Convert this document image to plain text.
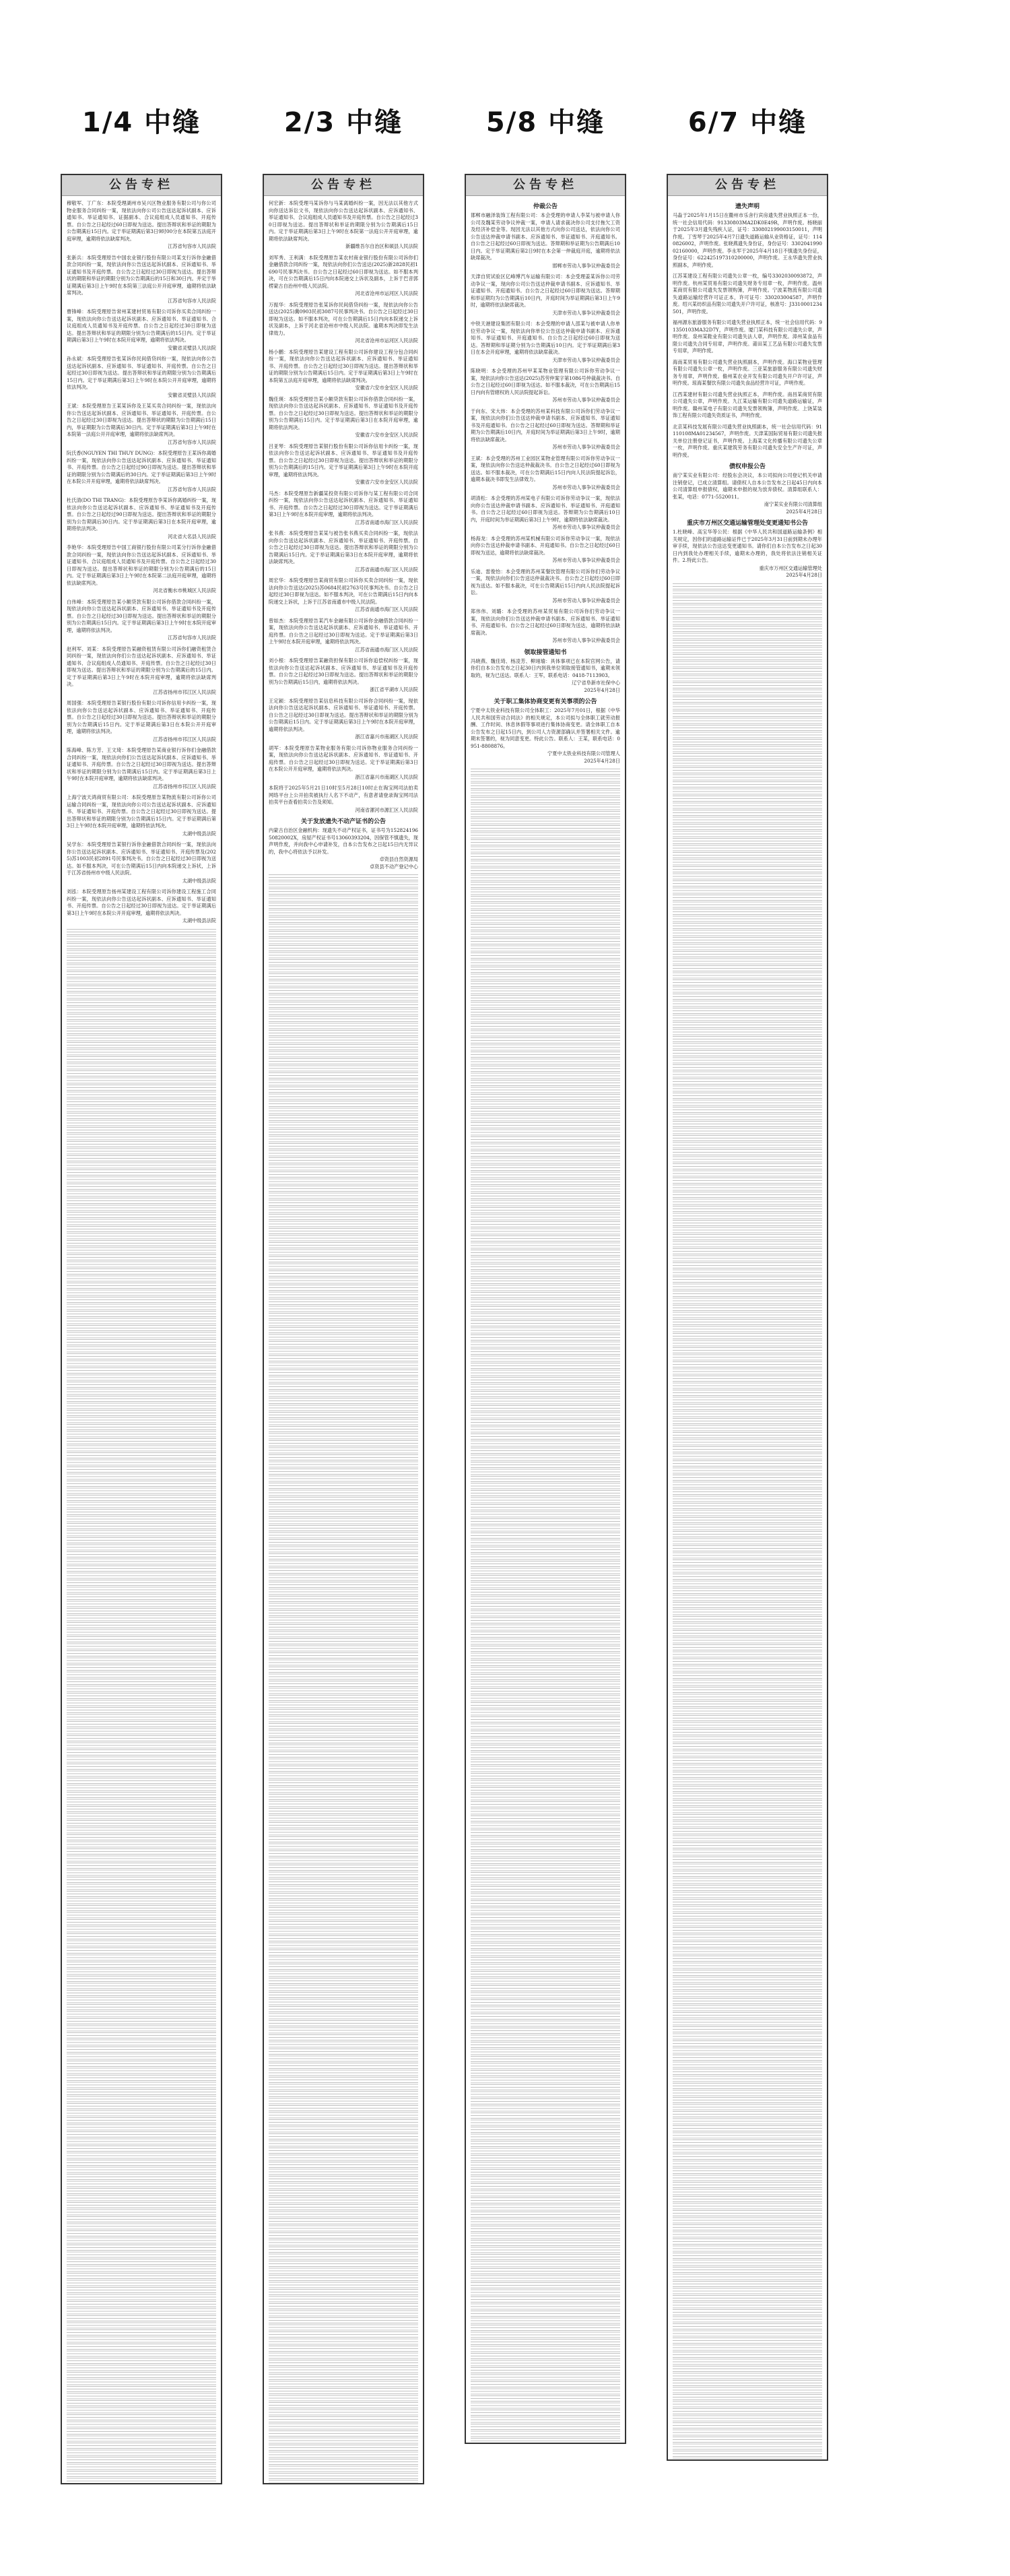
1/4 中缝
公告专栏

穆敬军、丁广东：本院受理湖州市吴兴区物业服务有限公司与你公司物业服务合同纠纷一案，现依法向你公司公告送达起诉状副本、应诉通知书、举证通知书、证据副本、合议庭组成人员通知书、开庭传票。自公告之日起经过60日即视为送达。提出答辩状和举证的期限为公告期满后15日内。定于举证期满后第3日9时00分在本院第五法庭开庭审理，逾期将依法缺席判决。

江苏省句容市人民法院

张新兵：本院受理原告中国农业银行股份有限公司某支行诉你金融借款合同纠纷一案，现依法向你公告送达起诉状副本、应诉通知书、举证通知书及开庭传票。自公告之日起经过30日即视为送达。提出答辩状的期限和举证的期限分别为公告期满后的15日和30日内。并定于举证期满后第3日上午9时在本院第三法庭公开开庭审理，逾期将依法缺席判决。

江苏省句容市人民法院

曹锋峰：本院受理原告常州某建材贸易有限公司诉你买卖合同纠纷一案，现依法向你公告送达起诉状副本、应诉通知书、举证通知书、合议庭组成人员通知书及开庭传票。自公告之日起经过30日即视为送达。提出答辩状和举证的期限分别为公告期满后的15日内。定于举证期满后第3日上午9时在本院开庭审理，逾期将依法判决。

安徽省灵璧县人民法院

孙永斌：本院受理原告张某诉你民间借贷纠纷一案，现依法向你公告送达起诉状副本、应诉通知书、举证通知书、开庭传票。自公告之日起经过30日即视为送达。提出答辩状和举证的期限分别为公告期满后15日内。定于举证期满后第3日上午9时在本院公开开庭审理，逾期将依法判决。

安徽省灵璧县人民法院

王斌：本院受理原告王某某诉你及王某买卖合同纠纷一案，现依法向你公告送达起诉状副本、应诉通知书、举证通知书、开庭传票。自公告之日起经过30日即视为送达。提出答辩状的期限为公告期满后15日内，举证期限为公告期满后30日内。定于举证期满后第3日上午9时在本院第一法庭公开开庭审理，逾期将依法缺席判决。

江苏省句容市人民法院

阮氏香(NGUYEN THI THUY DUNG)：本院受理原告王某诉你离婚纠纷一案，现依法向你公告送达起诉状副本、应诉通知书、举证通知书、开庭传票。自公告之日起经过90日即视为送达。提出答辩状和举证的期限分别为公告期满后的30日内。定于举证期满后第3日上午9时在本院公开开庭审理，逾期将依法缺席判决。

江苏省句容市人民法院

杜氏清(DO THI TRANG)：本院受理原告李某诉你离婚纠纷一案，现依法向你公告送达起诉状副本、应诉通知书、举证通知书及开庭传票。自公告之日起经过90日即视为送达。提出答辩状和举证的期限分别为公告期满后30日内。定于举证期满后第3日在本院开庭审理，逾期将依法判决。

河北省大名县人民法院

李艳华：本院受理原告中国工商银行股份有限公司某分行诉你金融借款合同纠纷一案，现依法向你公告送达起诉状副本、应诉通知书、举证通知书、合议庭组成人员通知书及开庭传票。自公告之日起经过30日即视为送达。提出答辩状和举证的期限分别为公告期满后的15日内。定于举证期满后第3日上午9时在本院第二法庭开庭审理，逾期将依法缺席判决。

河北省衡水市桃城区人民法院

白伟峰：本院受理原告某小额贷款有限公司诉你借款合同纠纷一案，现依法向你公告送达起诉状副本、应诉通知书、举证通知书及开庭传票。自公告之日起经过30日即视为送达。提出答辩状和举证的期限分别为公告期满后15日内。定于举证期满后第3日上午9时在本院开庭审理，逾期将依法判决。

江苏省句容市人民法院

赵利军、刘某：本院受理原告某融资租赁有限公司诉你们融资租赁合同纠纷一案，现依法向你们公告送达起诉状副本、应诉通知书、举证通知书、合议庭组成人员通知书、开庭传票。自公告之日起经过30日即视为送达。提出答辩状和举证的期限分别为公告期满后的15日内。定于举证期满后第3日上午9时在本院开庭审理，逾期将依法缺席判决。

江苏省扬州市邗江区人民法院

周国强：本院受理原告某银行股份有限公司诉你信用卡纠纷一案，现依法向你公告送达起诉状副本、应诉通知书、举证通知书、开庭传票。自公告之日起经过30日即视为送达。提出答辩状和举证的期限分别为公告期满后15日内。定于举证期满后第3日在本院公开开庭审理，逾期将依法判决。

江苏省扬州市邗江区人民法院

陈海峰、陈方芳、王文琦：本院受理原告某商业银行诉你们金融借款合同纠纷一案，现依法向你们公告送达起诉状副本、应诉通知书、举证通知书、开庭传票。自公告之日起经过30日即视为送达。提出答辩状和举证的期限分别为公告期满后15日内。定于举证期满后第3日上午9时在本院开庭审理，逾期将依法缺席判决。

江苏省扬州市邗江区人民法院

上海宁波天鸿商贸有限公司：本院受理原告某物流有限公司诉你公司运输合同纠纷一案，现依法向你公司公告送达起诉状副本、应诉通知书、举证通知书、开庭传票。自公告之日起经过30日即视为送达。提出答辩状和举证的期限分别为公告期满后15日内。定于举证期满后第3日上午9时在本院开庭审理，逾期将依法判决。

太湖中级县法院

吴学东：本院受理原告某银行诉你金融借款合同纠纷一案，现依法向你公告送达起诉状副本、应诉通知书、举证通知书、开庭传票及(2025)苏1003民初2891号民事判决书。自公告之日起经过30日即视为送达。如不服本判决，可在公告期满后15日内向本院递交上诉状，上诉于江苏省扬州市中级人民法院。

太湖中级县法院

刘泓：本院受理原告扬州某建设工程有限公司诉你建设工程施工合同纠纷一案，现依法向你公告送达起诉状副本、应诉通知书、举证通知书、开庭传票。自公告之日起经过30日即视为送达。定于举证期满后第3日上午9时在本院公开开庭审理，逾期将依法判决。

太湖中级县法院
2/3 中缝
公告专栏

何宏新：本院受理马某诉你与马某离婚纠纷一案，因无法以其他方式向你送达诉讼文书，现依法向你公告送达起诉状副本、应诉通知书、举证通知书、合议庭组成人员通知书及开庭传票。自公告之日起经过30日即视为送达。提出答辩状和举证的期限分别为公告期满后15日内。定于举证期满后第3日上午9时在本院第一法庭公开开庭审理，逾期将依法缺席判决。

新疆维吾尔自治区和硕县人民法院

刘军秀、王利满：本院受理原告某农村商业银行股份有限公司诉你们金融借款合同纠纷一案，现依法向你们公告送达(2025)新2828民初1690号民事判决书。自公告之日起经过60日即视为送达。如不服本判决，可在公告期满后15日内向本院递交上诉状及副本，上诉于巴音郭楞蒙古自治州中级人民法院。

河北省沧州市运河区人民法院

万振华：本院受理原告张某诉你民间借贷纠纷一案，现依法向你公告送达(2025)冀0903民初3087号民事判决书。自公告之日起经过30日即视为送达。如不服本判决，可在公告期满后15日内向本院递交上诉状及副本，上诉于河北省沧州市中级人民法院。逾期本判决即发生法律效力。

河北省沧州市运河区人民法院

杨小鹏：本院受理原告某建设工程有限公司诉你建设工程分包合同纠纷一案，现依法向你公告送达起诉状副本、应诉通知书、举证通知书、开庭传票。自公告之日起经过30日即视为送达。提出答辩状和举证的期限分别为公告期满后15日内。定于举证期满后第3日上午9时在本院第五法庭开庭审理，逾期将依法缺席判决。

安徽省六安市金安区人民法院

魏佳瑛：本院受理原告某小额贷款有限公司诉你借款合同纠纷一案，现依法向你公告送达起诉状副本、应诉通知书、举证通知书及开庭传票。自公告之日起经过30日即视为送达。提出答辩状和举证的期限分别为公告期满后15日内。定于举证期满后第3日在本院开庭审理，逾期将依法判决。

安徽省六安市金安区人民法院

吕亚琴：本院受理原告某银行股份有限公司诉你信用卡纠纷一案，现依法向你公告送达起诉状副本、应诉通知书、举证通知书及开庭传票。自公告之日起经过30日即视为送达。提出答辩状和举证的期限分别为公告期满后的15日内。定于举证期满后第3日上午9时在本院开庭审理，逾期将依法判决。

安徽省六安市金安区人民法院

马杰：本院受理原告新疆某投资有限公司诉你与某工程有限公司合同纠纷一案，现依法向你公告送达起诉状副本、应诉通知书、举证通知书、开庭传票。自公告之日起经过30日即视为送达。定于举证期满后第3日上午9时在本院开庭审理，逾期将依法判决。

江苏省南通市海门区人民法院

张书燕：本院受理原告某某与被告张书燕买卖合同纠纷一案，现依法向你公告送达起诉状副本、应诉通知书、举证通知书、开庭传票。自公告之日起经过30日即视为送达。提出答辩状和举证的期限分别为公告期满后15日内。定于举证期满后第3日在本院开庭审理，逾期将依法缺席判决。

江苏省南通市海门区人民法院

周宏华：本院受理原告某商贸有限公司诉你买卖合同纠纷一案，现依法向你公告送达(2025)苏0684民初2763号民事判决书。自公告之日起经过30日即视为送达。如不服本判决，可在公告期满后15日内向本院递交上诉状，上诉于江苏省南通市中级人民法院。

江苏省南通市海门区人民法院

曾如杰：本院受理原告某汽车金融有限公司诉你金融借款合同纠纷一案，现依法向你公告送达起诉状副本、应诉通知书、举证通知书、开庭传票。自公告之日起经过30日即视为送达。定于举证期满后第3日上午9时在本院开庭审理，逾期将依法判决。

江苏省南通市海门区人民法院

刘小根：本院受理原告某融资担保有限公司诉你追偿权纠纷一案，现依法向你公告送达起诉状副本、应诉通知书、举证通知书及开庭传票。自公告之日起经过30日即视为送达。提出答辩状和举证的期限分别为公告期满后15日内，逾期将依法判决。

浙江省平湖市人民法院

王定颖：本院受理原告某信息科技有限公司诉你合同纠纷一案，现依法向你公告送达起诉状副本、应诉通知书、举证通知书、开庭传票。自公告之日起经过30日即视为送达。提出答辩状和举证的期限分别为公告期满后15日内。定于举证期满后第3日上午9时在本院开庭审理，逾期将依法判决。

浙江省嘉兴市南湖区人民法院

胡军：本院受理原告某物业服务有限公司诉你物业服务合同纠纷一案，现依法向你公告送达起诉状副本、应诉通知书、举证通知书、开庭传票。自公告之日起经过30日即视为送达。定于举证期满后第3日在本院公开开庭审理，逾期将依法判决。

浙江省嘉兴市南湖区人民法院

本院将于2025年5月21日10时至5月28日10时止在淘宝网司法拍卖网络平台上公开拍卖被执行人名下不动产，有意者请登录淘宝网司法拍卖平台查看拍卖公告及须知。

河南省漯河市源汇区人民法院
关于发放遗失不动产证书的公告

内蒙古自治区金融机构：现遗失不动产权证书，证书号为15282419650820002X，房屋产权证书号13060393204，因保管不慎遗失，现声明作废，并向我中心申请补发，自本公告发布之日起15日内无异议的，我中心将依法予以补发。

卓资县自然资源局
卓资县不动产登记中心
5/8 中缝
公告专栏
仲裁公告

邯郸市融泽装饰工程有限公司：本会受理的申请人李某与被申请人你公司及魏某劳动争议仲裁一案，申请人请求裁决你公司支付拖欠工资及经济补偿金等。现因无法以其他方式向你公司送达，依法向你公司公告送达仲裁申请书副本、应诉通知书、举证通知书、开庭通知书。自公告之日起经过60日即视为送达。答辩期和举证期为公告期满后10日内。定于举证期满后第2日9时在本会第一仲裁庭开庭，逾期将依法缺席裁决。

邯郸市劳动人事争议仲裁委员会

天津自贸试验区亿峰博汽车运输有限公司：本会受理姜某诉你公司劳动争议一案，现向你公司公告送达仲裁申请书副本、应诉通知书、举证通知书、开庭通知书。自公告之日起经过60日即视为送达。答辩期和举证期均为公告期满后10日内，开庭时间为举证期满后第3日上午9时，逾期将依法缺席裁决。

天津市劳动人事争议仲裁委员会

中铁天港建设集团有限公司：本会受理的申请人邵某与被申请人你单位劳动争议一案，现依法向你单位公告送达仲裁申请书副本、应诉通知书、举证通知书、开庭通知书。自公告之日起经过60日即视为送达。答辩期和举证期分别为公告期满后10日内。定于举证期满后第3日在本会开庭审理，逾期将依法缺席裁决。

天津市劳动人事争议仲裁委员会

陈晓明：本会受理的苏州甲某某物业管理有限公司诉你劳动争议一案，现依法向你公告送达(2025)苏劳仲案字第1086号仲裁裁决书。自公告之日起经过60日即视为送达。如不服本裁决，可在公告期满后15日内向有管辖权的人民法院提起诉讼。

苏州市劳动人事争议仲裁委员会

于向东、宋大炜：本会受理的苏州某科技有限公司诉你们劳动争议一案，现依法向你们公告送达仲裁申请书副本、应诉通知书、举证通知书及开庭通知书。自公告之日起经过60日即视为送达。答辩期和举证期为公告期满后10日内，开庭时间为举证期满后第3日上午9时，逾期将依法缺席裁决。

苏州市劳动人事争议仲裁委员会

王斌：本会受理的苏州工业园区某物业管理有限公司诉你劳动争议一案，现依法向你公告送达仲裁裁决书。自公告之日起经过60日即视为送达。如不服本裁决，可在公告期满后15日内向人民法院提起诉讼，逾期本裁决书即发生法律效力。

苏州市劳动人事争议仲裁委员会

胡清松：本会受理的苏州某电子有限公司诉你劳动争议一案，现依法向你公告送达仲裁申请书副本、应诉通知书、举证通知书、开庭通知书。自公告之日起经过60日即视为送达。答辩期为公告期满后10日内，开庭时间为举证期满后第3日上午9时，逾期将依法缺席裁决。

苏州市劳动人事争议仲裁委员会

杨海龙：本会受理的苏州某机械有限公司诉你劳动争议一案，现依法向你公告送达仲裁申请书副本、开庭通知书。自公告之日起经过60日即视为送达，逾期将依法缺席裁决。

苏州市劳动人事争议仲裁委员会

乐迪、雷俊怡：本会受理的苏州某餐饮管理有限公司诉你们劳动争议一案，现依法向你们公告送达仲裁裁决书。自公告之日起经过60日即视为送达。如不服本裁决，可在公告期满后15日内向人民法院提起诉讼。

苏州市劳动人事争议仲裁委员会

郑伟伟、刘璐：本会受理的苏州某贸易有限公司诉你们劳动争议一案，现依法向你们公告送达仲裁申请书副本、应诉通知书、举证通知书、开庭通知书。自公告之日起经过60日即视为送达，逾期将依法缺席裁决。

苏州市劳动人事争议仲裁委员会
领取接管通知书

冯晓燕、魏佳琦、杨凌芳、柳翊瑜：具体事项已在本院官网公告，请你们自本公告发布之日起30日内到我单位领取接管通知书，逾期未领取的，视为已送达。联系人：王军，联系电话：0418-7113903。

辽宁省阜新市社保中心
2025年4月28日
关于职工集体协商变更有关事项的公告

宁夏中太铁业科技有限公司全体职工：2025年7月01日，根据《中华人民共和国劳动合同法》的相关规定，本公司拟与全体职工就劳动报酬、工作时间、休息休假等事项进行集体协商变更。请全体职工自本公告发布之日起15日内，到公司人力资源部确认并签署相关文件。逾期未签署的，视为同意变更。特此公告。联系人：王某，联系电话：0951-8808876。

宁夏中太铁业科技有限公司管理人
2025年4月28日
6/7 中缝
公告专栏
遗失声明

马淼于2025年1月15日在衢州市乐舍行宾房遗失营业执照正本一份，统一社会信用代码：91330803MA2DK0E49R，声明作废。杨晓丽于2025年3月遗失残疾人证，证号：330802199003150011，声明作废。丁雪琴于2025年4月7日遗失道路运输从业资格证，证号：1140826002，声明作废。张晓燕遗失身份证，身份证号：330204199002160000，声明作废。李永军于2025年4月18日不慎遗失身份证，身份证号：622425197310200000，声明作废。王永华遗失营业执照副本，声明作废。

江苏某建设工程有限公司遗失公章一枚，编号3302030093872，声明作废。杭州某贸易有限公司遗失财务专用章一枚，声明作废。温州某商贸有限公司遗失发票领购簿，声明作废。宁波某物流有限公司遗失道路运输经营许可证正本，许可证号：330203004587，声明作废。绍兴某纺织品有限公司遗失开户许可证，核准号：J3310001234501，声明作废。

福州源东旅游服务有限公司遗失营业执照正本，统一社会信用代码：91350103MA32D7Y，声明作废。厦门某科技有限公司遗失公章，声明作废。泉州某鞋业有限公司遗失法人章，声明作废。漳州某食品有限公司遗失合同专用章，声明作废。莆田某工艺品有限公司遗失发票专用章，声明作废。

海南某贸易有限公司遗失营业执照副本，声明作废。海口某物业管理有限公司遗失公章一枚，声明作废。三亚某旅游服务有限公司遗失财务专用章，声明作废。儋州某农业开发有限公司遗失开户许可证，声明作废。琼海某餐饮有限公司遗失食品经营许可证，声明作废。

江西某建材有限公司遗失营业执照正本，声明作废。南昌某商贸有限公司遗失公章，声明作废。九江某运输有限公司遗失道路运输证，声明作废。赣州某电子有限公司遗失发票领购簿，声明作废。上饶某装饰工程有限公司遗失资质证书，声明作废。

北京某科技发展有限公司遗失营业执照副本，统一社会信用代码：91110108MA01234567，声明作废。天津某国际贸易有限公司遗失报关单位注册登记证书，声明作废。上海某文化传播有限公司遗失公章一枚，声明作废。重庆某建筑劳务有限公司遗失安全生产许可证，声明作废。

债权申报公告

南宁某实业有限公司：经股东会决议，本公司拟向公司登记机关申请注销登记，已成立清算组。请债权人自本公告发布之日起45日内向本公司清算组申报债权，逾期未申报的视为放弃债权。清算组联系人：张某，电话：0771-5520011。

南宁某实业有限公司清算组
2025年4月28日
重庆市万州区交通运输管理处变更通知书公告

1.杜晓峰、高宝华等公民：根据《中华人民共和国道路运输条例》相关规定，因你们的道路运输证件已于2025年3月31日前到期未办理年审手续，现依法公告送达变更通知书。请你们自本公告发布之日起30日内到我处办理相关手续，逾期未办理的，我处将依法注销相关证件。2.特此公告。

重庆市万州区交通运输管理处
2025年4月28日
